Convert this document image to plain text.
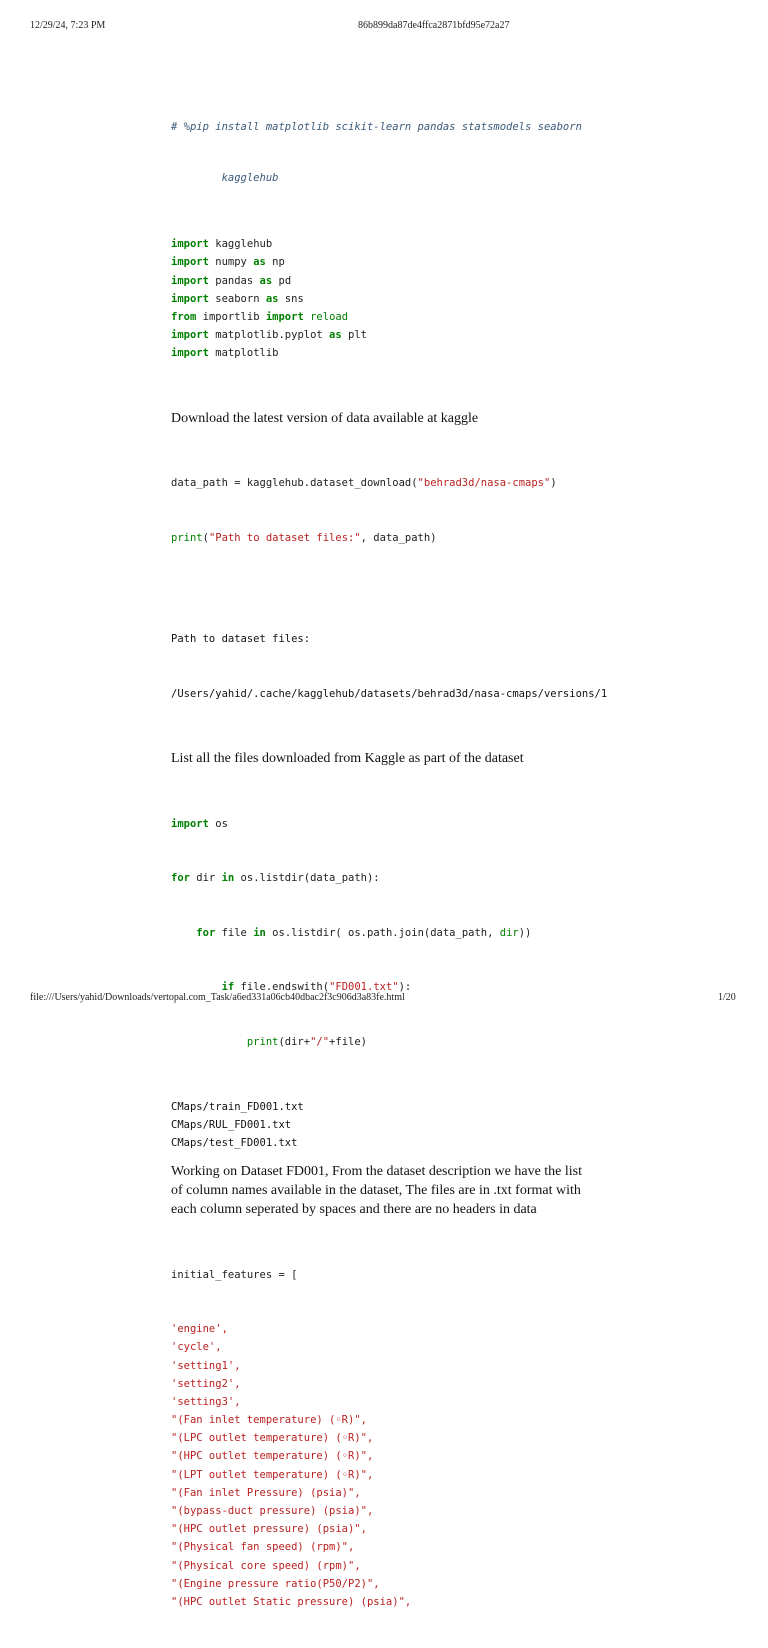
12/29/24, 7:23 PM	86b899da87de4ffca2871bfd95e72a27

# %pip install matplotlib scikit-learn pandas statsmodels seaborn

kagglehub

import kagglehub
import numpy as np
import pandas as pd
import seaborn as sns
from importlib import reload
import matplotlib.pyplot as plt
import matplotlib

Download the latest version of data available at kaggle

data_path = kagglehub.dataset_download("behrad3d/nasa-cmaps")

print("Path to dataset files:", data_path)

Path to dataset files:

/Users/yahid/.cache/kagglehub/datasets/behrad3d/nasa-cmaps/versions/1

List all the files downloaded from Kaggle as part of the dataset

import os

for dir in os.listdir(data_path):

for file in os.listdir( os.path.join(data_path, dir))

if file.endswith("FD001.txt"):

print(dir+"/"+file)

CMaps/train_FD001.txt
CMaps/RUL_FD001.txt
CMaps/test_FD001.txt
Working on Dataset FD001, From the dataset description we have the list of column names available in the dataset, The files are in .txt format with each column seperated by spaces and there are no headers in data

initial_features = [

'engine',
'cycle',
'setting1',
'setting2',
'setting3',
"(Fan inlet temperature) (◦R)",
"(LPC outlet temperature) (◦R)",
"(HPC outlet temperature) (◦R)",
"(LPT outlet temperature) (◦R)",
"(Fan inlet Pressure) (psia)",
"(bypass-duct pressure) (psia)",
"(HPC outlet pressure) (psia)",
"(Physical fan speed) (rpm)",
"(Physical core speed) (rpm)",
"(Engine pressure ratio(P50/P2)",
"(HPC outlet Static pressure) (psia)",

file:///Users/yahid/Downloads/vertopal.com_Task/a6ed331a06cb40dbac2f3c906d3a83fe.html	1/20
